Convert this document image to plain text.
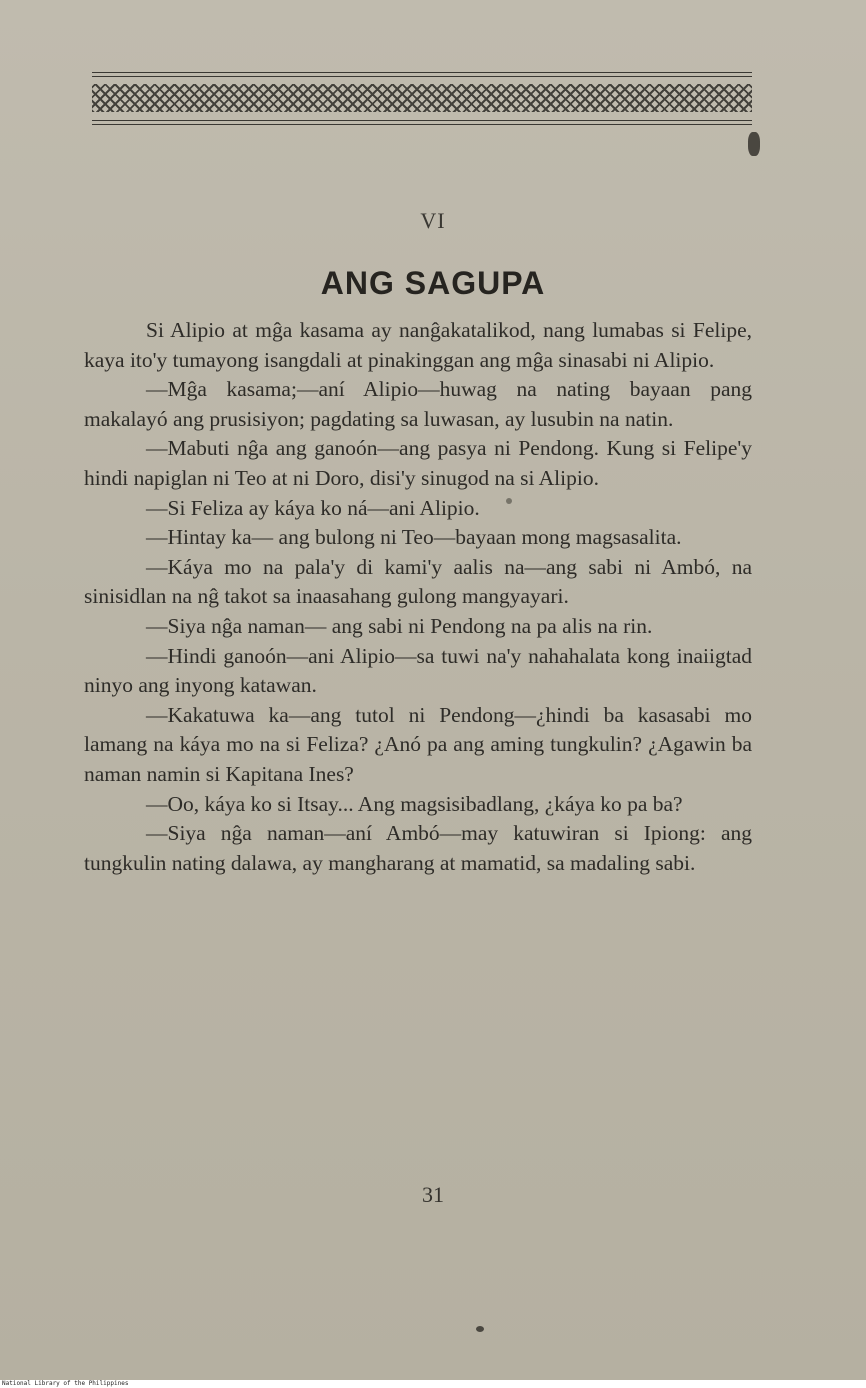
VI
ANG SAGUPA

Si Alipio at mĝa kasama ay nanĝakatalikod, nang lumabas si Felipe, kaya ito'y tumayong isangdali at pinakinggan ang mĝa sinasabi ni Alipio.

—Mĝa kasama;—aní Alipio—huwag na nating bayaan pang makalayó ang prusisiyon; pagdating sa luwasan, ay lusubin na natin.

—Mabuti nĝa ang ganoón—ang pasya ni Pendong. Kung si Felipe'y hindi napiglan ni Teo at ni Doro, disi'y sinugod na si Alipio.

—Si Feliza ay káya ko ná—ani Alipio.

—Hintay ka— ang bulong ni Teo—bayaan mong magsasalita.

—Káya mo na pala'y di kami'y aalis na—ang sabi ni Ambó, na sinisidlan na nĝ takot sa inaasahang gulong mangyayari.

—Siya nĝa naman— ang sabi ni Pendong na pa alis na rin.

—Hindi ganoón—ani Alipio—sa tuwi na'y nahahalata kong inaiigtad ninyo ang inyong katawan.

—Kakatuwa ka—ang tutol ni Pendong—¿hindi ba kasasabi mo lamang na káya mo na si Feliza? ¿Anó pa ang aming tungkulin? ¿Agawin ba naman namin si Kapitana Ines?

—Oo, káya ko si Itsay... Ang magsisibadlang, ¿káya ko pa ba?

—Siya nĝa naman—aní Ambó—may katuwiran si Ipiong: ang tungkulin nating dalawa, ay mangharang at mamatid, sa madaling sabi.

31
National Library of the Philippines
